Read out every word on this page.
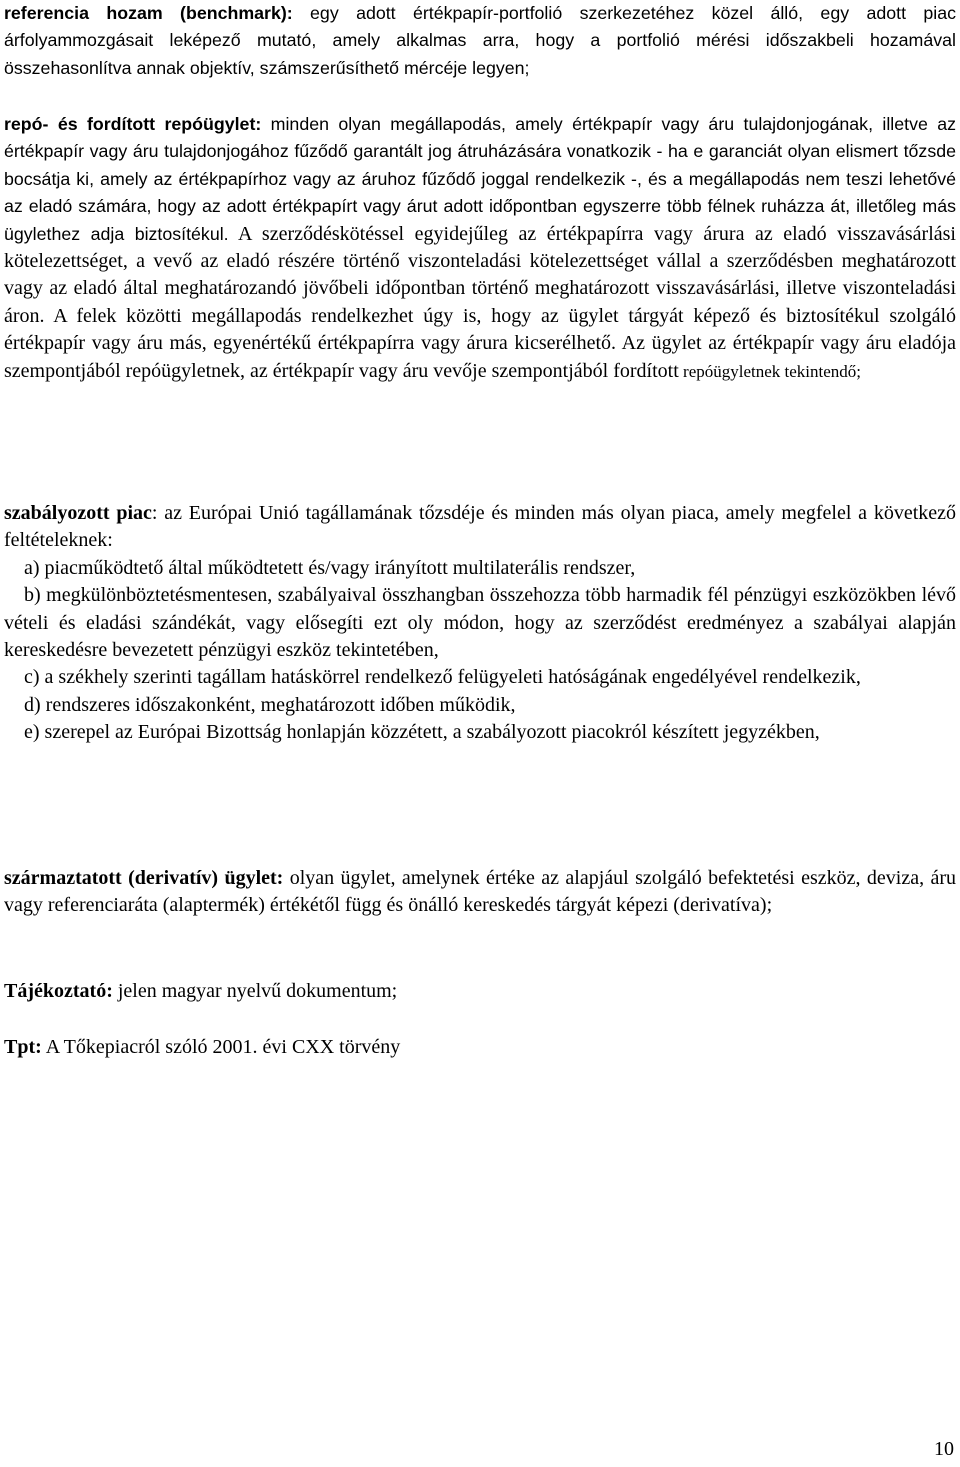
referencia hozam (benchmark): egy adott értékpapír-portfolió szerkezetéhez közel álló, egy adott piac árfolyammozgásait leképező mutató, amely alkalmas arra, hogy a portfolió mérési időszakbeli hozamával összehasonlítva annak objektív, számszerűsíthető mércéje legyen;

repó- és fordított repóügylet: minden olyan megállapodás, amely értékpapír vagy áru tulajdonjogának, illetve az értékpapír vagy áru tulajdonjogához fűződő garantált jog átruházására vonatkozik - ha e garanciát olyan elismert tőzsde bocsátja ki, amely az értékpapírhoz vagy az áruhoz fűződő joggal rendelkezik -, és a megállapodás nem teszi lehetővé az eladó számára, hogy az adott értékpapírt vagy árut adott időpontban egyszerre több félnek ruházza át, illetőleg más ügylethez adja biztosítékul. A szerződéskötéssel egyidejűleg az értékpapírra vagy árura az eladó visszavásárlási kötelezettséget, a vevő az eladó részére történő viszonteladási kötelezettséget vállal a szerződésben meghatározott vagy az eladó által meghatározandó jövőbeli időpontban történő meghatározott visszavásárlási, illetve viszonteladási áron. A felek közötti megállapodás rendelkezhet úgy is, hogy az ügylet tárgyát képező és biztosítékul szolgáló értékpapír vagy áru más, egyenértékű értékpapírra vagy árura kicserélhető. Az ügylet az értékpapír vagy áru eladója szempontjából repóügyletnek, az értékpapír vagy áru vevője szempontjából fordított repóügyletnek tekintendő;

szabályozott piac: az Európai Unió tagállamának tőzsdéje és minden más olyan piaca, amely megfelel a következő feltételeknek:

a) piacműködtető által működtetett és/vagy irányított multilaterális rendszer,

b) megkülönböztetésmentesen, szabályaival összhangban összehozza több harmadik fél pénzügyi eszközökben lévő vételi és eladási szándékát, vagy elősegíti ezt oly módon, hogy az szerződést eredményez a szabályai alapján kereskedésre bevezetett pénzügyi eszköz tekintetében,

c) a székhely szerinti tagállam hatáskörrel rendelkező felügyeleti hatóságának engedélyével rendelkezik,

d) rendszeres időszakonként, meghatározott időben működik,

e) szerepel az Európai Bizottság honlapján közzétett, a szabályozott piacokról készített jegyzékben,

származtatott (derivatív) ügylet: olyan ügylet, amelynek értéke az alapjául szolgáló befektetési eszköz, deviza, áru vagy referenciaráta (alaptermék) értékétől függ és önálló kereskedés tárgyát képezi (derivatíva);

Tájékoztató: jelen magyar nyelvű dokumentum;

Tpt: A Tőkepiacról szóló 2001. évi CXX törvény

10
